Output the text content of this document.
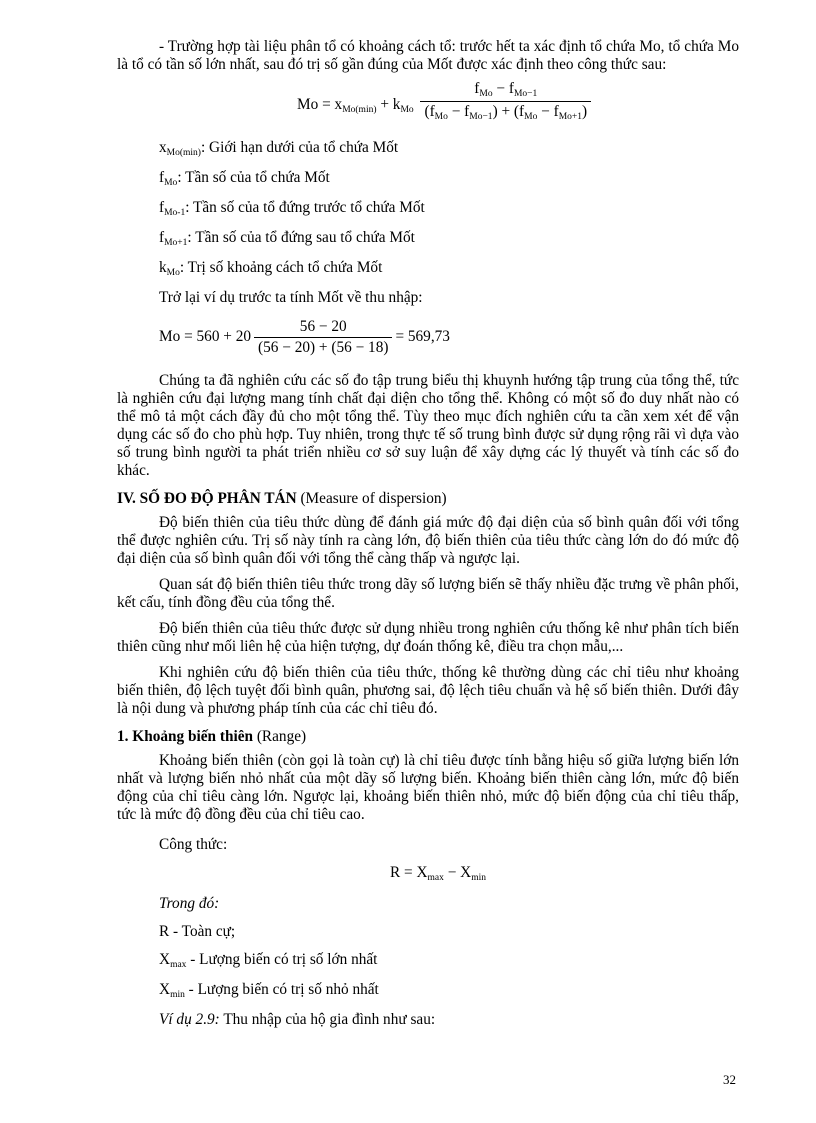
- Trường hợp tài liệu phân tổ có khoảng cách tổ: trước hết ta xác định tổ chứa Mo, tổ chứa Mo là tổ có tần số lớn nhất, sau đó trị số gần đúng của Mốt được xác định theo công thức sau:

Mo = xMo(min) + kMo $\frac{\text{fMo − fMo−1}}{\text{(fMo − fMo−1) + (fMo − fMo+1)}}$

xMo(min): Giới hạn dưới của tổ chứa Mốt

fMo: Tần số của tổ chứa Mốt

fMo-1: Tần số của tổ đứng trước tổ chứa Mốt

fMo+1: Tần số của tổ đứng sau tổ chứa Mốt

kMo: Trị số khoảng cách tổ chứa Mốt

Trở lại ví dụ trước ta tính Mốt về thu nhập:

$Mo = 560 + 20 \frac{56 - 20}{(56 - 20) + (56 - 18)} = 569,73$

Chúng ta đã nghiên cứu các số đo tập trung biểu thị khuynh hướng tập trung của tổng thể, tức là nghiên cứu đại lượng mang tính chất đại diện cho tổng thể. Không có một số đo duy nhất nào có thể mô tả một cách đầy đủ cho một tổng thể. Tùy theo mục đích nghiên cứu ta cần xem xét để vận dụng các số đo cho phù hợp. Tuy nhiên, trong thực tế số trung bình được sử dụng rộng rãi vì dựa vào số trung bình người ta phát triển nhiều cơ sở suy luận để xây dựng các lý thuyết và tính các số đo khác.

IV. SỐ ĐO ĐỘ PHÂN TÁN (Measure of dispersion)

Độ biến thiên của tiêu thức dùng để đánh giá mức độ đại diện của số bình quân đối với tổng thể được nghiên cứu. Trị số này tính ra càng lớn, độ biến thiên của tiêu thức càng lớn do đó mức độ đại diện của số bình quân đối với tổng thể càng thấp và ngược lại.

Quan sát độ biến thiên tiêu thức trong dãy số lượng biến sẽ thấy nhiều đặc trưng về phân phối, kết cấu, tính đồng đều của tổng thể.

Độ biến thiên của tiêu thức được sử dụng nhiều trong nghiên cứu thống kê như phân tích biến thiên cũng như mối liên hệ của hiện tượng, dự đoán thống kê, điều tra chọn mẫu,...

Khi nghiên cứu độ biến thiên của tiêu thức, thống kê thường dùng các chỉ tiêu như khoảng biến thiên, độ lệch tuyệt đối bình quân, phương sai, độ lệch tiêu chuẩn và hệ số biến thiên. Dưới đây là nội dung và phương pháp tính của các chỉ tiêu đó.

1. Khoảng biến thiên (Range)

Khoảng biến thiên (còn gọi là toàn cự) là chỉ tiêu được tính bằng hiệu số giữa lượng biến lớn nhất và lượng biến nhỏ nhất của một dãy số lượng biến. Khoảng biến thiên càng lớn, mức độ biến động của chỉ tiêu càng lớn. Ngược lại, khoảng biến thiên nhỏ, mức độ biến động của chỉ tiêu thấp, tức là mức độ đồng đều của chỉ tiêu cao.

Công thức:

R = Xmax − Xmin

Trong đó:

R - Toàn cự;

Xmax - Lượng biến có trị số lớn nhất

Xmin - Lượng biến có trị số nhỏ nhất

Ví dụ 2.9: Thu nhập của hộ gia đình như sau:

32
